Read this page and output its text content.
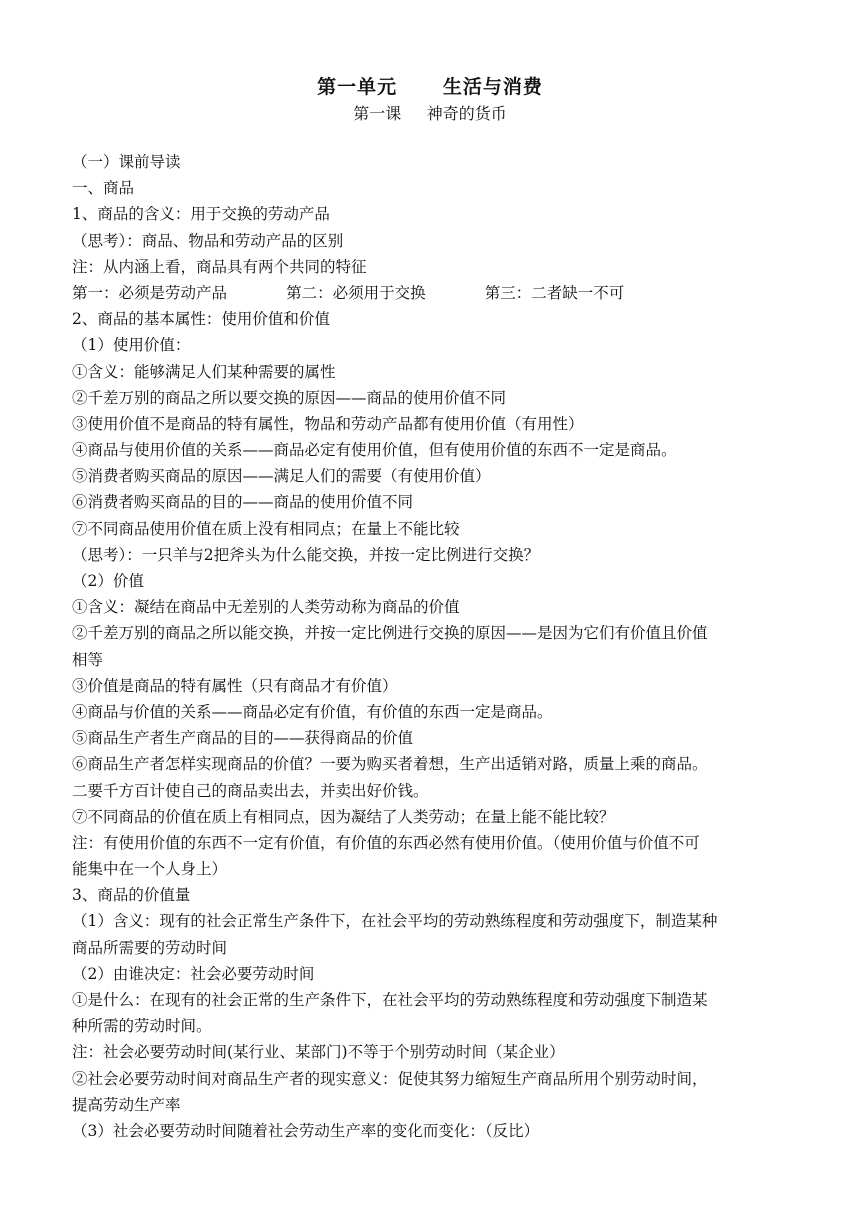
第一单元      生活与消费
第一课     神奇的货币
（一）课前导读
一、商品
1、商品的含义：用于交换的劳动产品
（思考）：商品、物品和劳动产品的区别
注：从内涵上看，商品具有两个共同的特征
第一：必须是劳动产品            第二：必须用于交换            第三：二者缺一不可
2、商品的基本属性：使用价值和价值
（1）使用价值：
①含义：能够满足人们某种需要的属性
②千差万别的商品之所以要交换的原因——商品的使用价值不同
③使用价值不是商品的特有属性，物品和劳动产品都有使用价值（有用性）
④商品与使用价值的关系——商品必定有使用价值，但有使用价值的东西不一定是商品。
⑤消费者购买商品的原因——满足人们的需要（有使用价值）
⑥消费者购买商品的目的——商品的使用价值不同
⑦不同商品使用价值在质上没有相同点；在量上不能比较
（思考）：一只羊与2把斧头为什么能交换，并按一定比例进行交换？
（2）价值
①含义：凝结在商品中无差别的人类劳动称为商品的价值
②千差万别的商品之所以能交换，并按一定比例进行交换的原因——是因为它们有价值且价值
相等
③价值是商品的特有属性（只有商品才有价值）
④商品与价值的关系——商品必定有价值，有价值的东西一定是商品。
⑤商品生产者生产商品的目的——获得商品的价值
⑥商品生产者怎样实现商品的价值？一要为购买者着想，生产出适销对路，质量上乘的商品。
二要千方百计使自己的商品卖出去，并卖出好价钱。
⑦不同商品的价值在质上有相同点，因为凝结了人类劳动；在量上能不能比较？
注：有使用价值的东西不一定有价值，有价值的东西必然有使用价值。（使用价值与价值不可
能集中在一个人身上）
3、商品的价值量
（1）含义：现有的社会正常生产条件下，在社会平均的劳动熟练程度和劳动强度下，制造某种
商品所需要的劳动时间
（2）由谁决定：社会必要劳动时间
①是什么：在现有的社会正常的生产条件下，在社会平均的劳动熟练程度和劳动强度下制造某
种所需的劳动时间。
注：社会必要劳动时间(某行业、某部门)不等于个别劳动时间（某企业）
②社会必要劳动时间对商品生产者的现实意义：促使其努力缩短生产商品所用个别劳动时间，
提高劳动生产率
（3）社会必要劳动时间随着社会劳动生产率的变化而变化：（反比）
